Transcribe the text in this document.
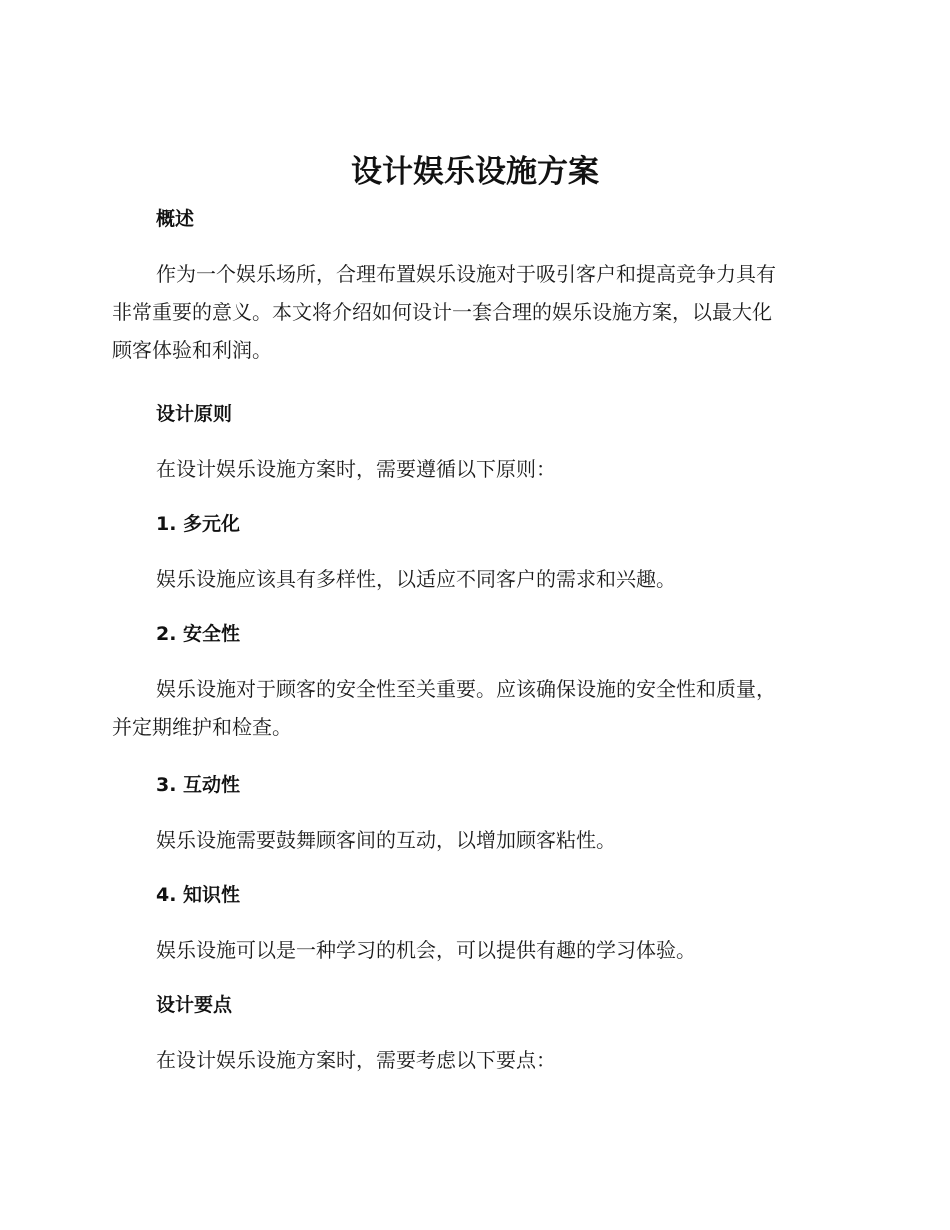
设计娱乐设施方案
概述

作为一个娱乐场所，合理布置娱乐设施对于吸引客户和提高竞争力具有
非常重要的意义。本文将介绍如何设计一套合理的娱乐设施方案，以最大化
顾客体验和利润。

设计原则

在设计娱乐设施方案时，需要遵循以下原则：

1. 多元化

娱乐设施应该具有多样性，以适应不同客户的需求和兴趣。

2. 安全性

娱乐设施对于顾客的安全性至关重要。应该确保设施的安全性和质量，
并定期维护和检查。

3. 互动性

娱乐设施需要鼓舞顾客间的互动，以增加顾客粘性。

4. 知识性

娱乐设施可以是一种学习的机会，可以提供有趣的学习体验。

设计要点

在设计娱乐设施方案时，需要考虑以下要点：
